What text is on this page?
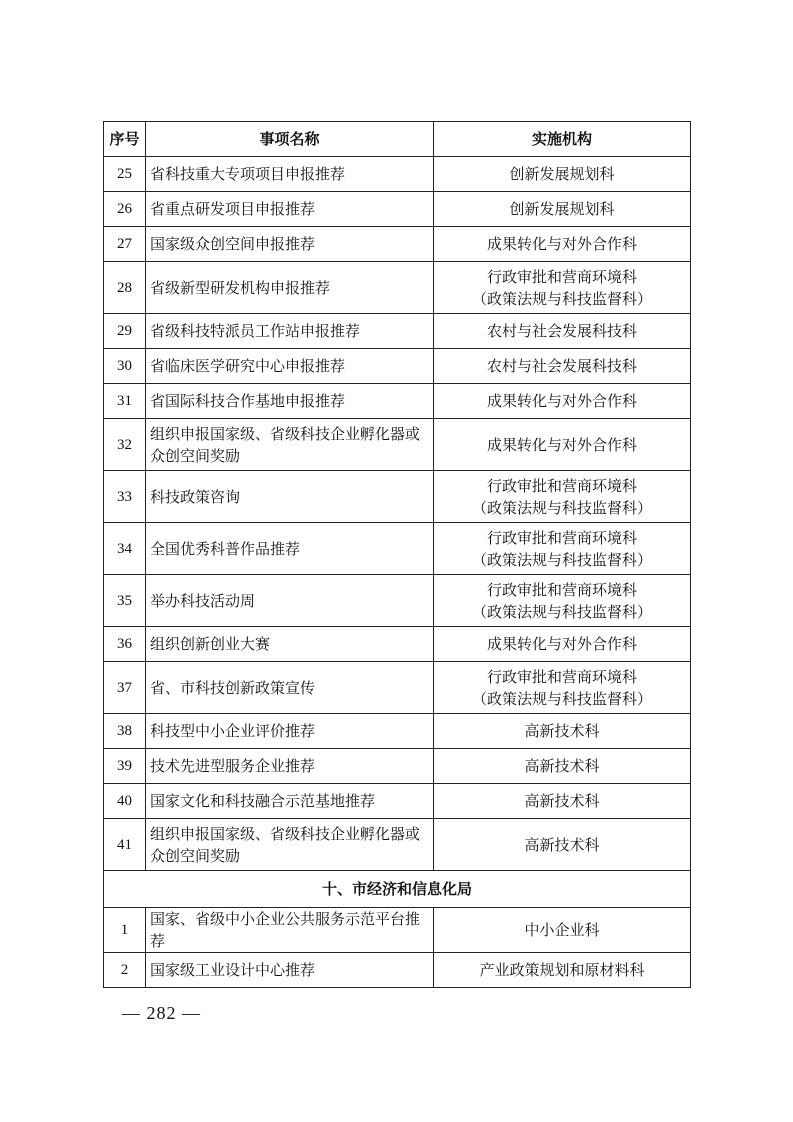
序号	事项名称	实施机构
25	省科技重大专项项目申报推荐	创新发展规划科

26	省重点研发项目申报推荐	创新发展规划科

27	国家级众创空间申报推荐	成果转化与对外合作科

28	省级新型研发机构申报推荐	行政审批和营商环境科
（政策法规与科技监督科）

29	省级科技特派员工作站申报推荐	农村与社会发展科技科

30	省临床医学研究中心申报推荐	农村与社会发展科技科

31	省国际科技合作基地申报推荐	成果转化与对外合作科

32	组织申报国家级、省级科技企业孵化器或众创空间奖励	成果转化与对外合作科

33	科技政策咨询	行政审批和营商环境科
（政策法规与科技监督科）

34	全国优秀科普作品推荐	行政审批和营商环境科
（政策法规与科技监督科）

35	举办科技活动周	行政审批和营商环境科
（政策法规与科技监督科）

36	组织创新创业大赛	成果转化与对外合作科

37	省、市科技创新政策宣传	行政审批和营商环境科
（政策法规与科技监督科）

38	科技型中小企业评价推荐	高新技术科

39	技术先进型服务企业推荐	高新技术科

40	国家文化和科技融合示范基地推荐	高新技术科

41	组织申报国家级、省级科技企业孵化器或众创空间奖励	高新技术科

十、市经济和信息化局		
1	国家、省级中小企业公共服务示范平台推荐	中小企业科

2	国家级工业设计中心推荐	产业政策规划和原材料科
— 282 —
